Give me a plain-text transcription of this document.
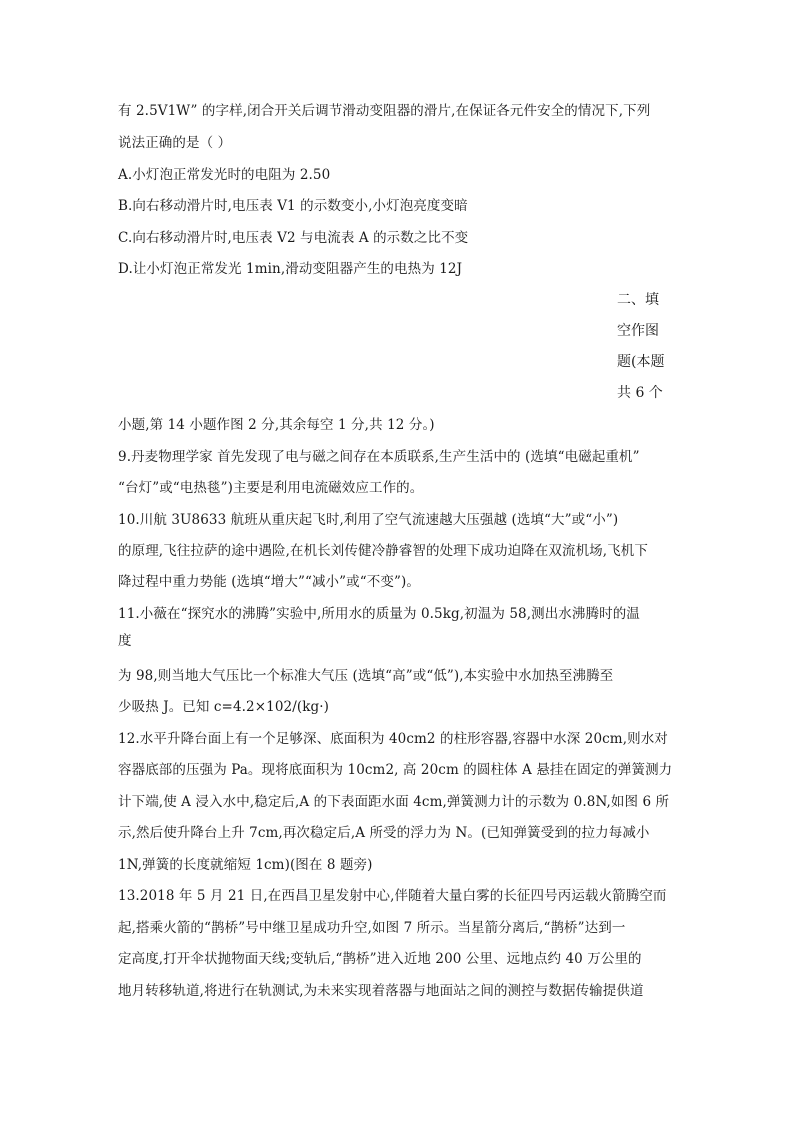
有 2.5V1W” 的字样,闭合开关后调节滑动变阻器的滑片,在保证各元件安全的情况下,下列
说法正确的是（ ）
A.小灯泡正常发光时的电阻为 2.50
B.向右移动滑片时,电压表 V1 的示数变小,小灯泡亮度变暗
C.向右移动滑片时,电压表 V2 与电流表 A 的示数之比不变
D.让小灯泡正常发光 1min,滑动变阻器产生的电热为 12J
二、填
空作图
题(本题
共 6 个
小题,第 14 小题作图 2 分,其余每空 1 分,共 12 分。)
9.丹麦物理学家 首先发现了电与磁之间存在本质联系,生产生活中的 (选填“电磁起重机”
“台灯”或“电热毯”)主要是利用电流磁效应工作的。
10.川航 3U8633 航班从重庆起飞时,利用了空气流速越大压强越 (选填“大”或“小”)
的原理,飞往拉萨的途中遇险,在机长刘传健冷静睿智的处理下成功迫降在双流机场,飞机下
降过程中重力势能 (选填“增大”“减小”或“不变”)。
11.小薇在“探究水的沸腾”实验中,所用水的质量为 0.5kg,初温为 58,测出水沸腾时的温
度
为 98,则当地大气压比一个标准大气压 (选填“高”或“低”),本实验中水加热至沸腾至
少吸热 J。已知 c=4.2×102/(kg·)
12.水平升降台面上有一个足够深、底面积为 40cm2 的柱形容器,容器中水深 20cm,则水对
容器底部的压强为 Pa。现将底面积为 10cm2, 高 20cm 的圆柱体 A 悬挂在固定的弹簧测力
计下端,使 A 浸入水中,稳定后,A 的下表面距水面 4cm,弹簧测力计的示数为 0.8N,如图 6 所
示,然后使升降台上升 7cm,再次稳定后,A 所受的浮力为 N。(已知弹簧受到的拉力每减小
1N,弹簧的长度就缩短 1cm)(图在 8 题旁)
13.2018 年 5 月 21 日,在西昌卫星发射中心,伴随着大量白雾的长征四号丙运载火箭腾空而
起,搭乘火箭的“鹊桥”号中继卫星成功升空,如图 7 所示。当星箭分离后,“鹊桥”达到一
定高度,打开伞状抛物面天线;变轨后,“鹊桥”进入近地 200 公里、远地点约 40 万公里的
地月转移轨道,将进行在轨测试,为未来实现着落器与地面站之间的测控与数据传输提供道
